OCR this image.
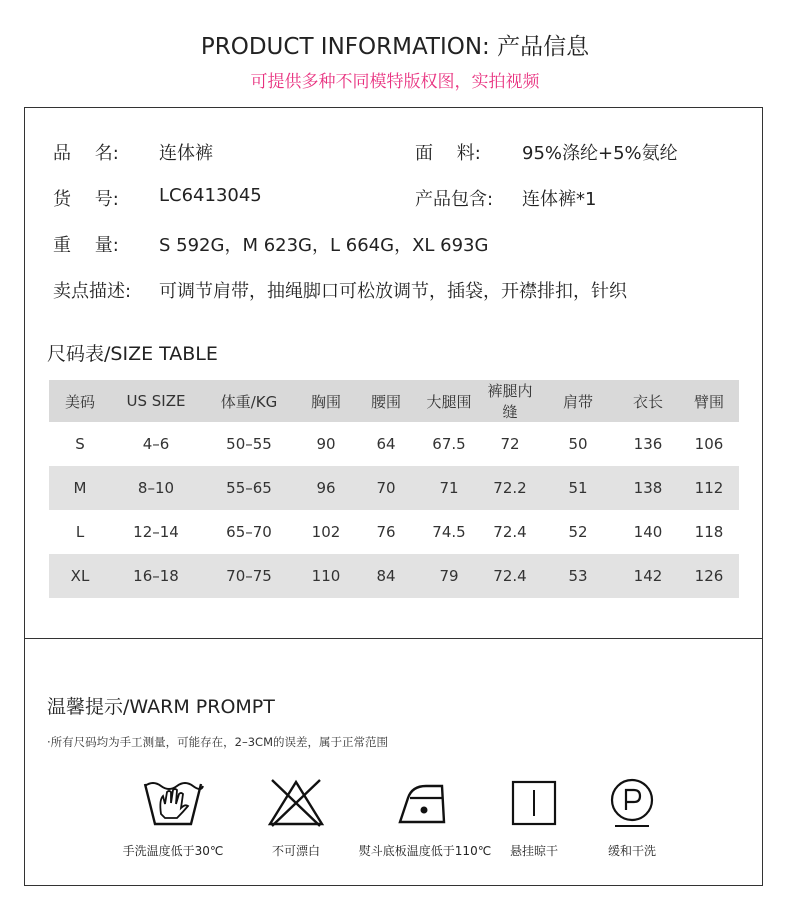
PRODUCT INFORMATION: 产品信息
可提供多种不同模特版权图，实拍视频
品　 名: 连体裤	面　 料: 95%涤纶+5%氨纶
货　 号: LC6413045	产品包含: 连体裤*1
重　 量: S 592G，M 623G，L 664G，XL 693G
卖点描述: 可调节肩带，抽绳脚口可松放调节，插袋，开襟排扣，针织
尺码表/SIZE TABLE
美码	US SIZE	体重/KG	胸围	腰围	大腿围	裤腿内缝	肩带	衣长	臂围
S	4–6	50–55	90	64	67.5	72	50	136	106
M	8–10	55–65	96	70	71	72.2	51	138	112
L	12–14	65–70	102	76	74.5	72.4	52	140	118
XL	16–18	70–75	110	84	79	72.4	53	142	126
温馨提示/WARM PROMPT
·所有尺码均为手工测量，可能存在，2–3CM的误差，属于正常范围
手洗温度低于30℃	不可漂白	熨斗底板温度低于110℃	悬挂晾干	缓和干洗
